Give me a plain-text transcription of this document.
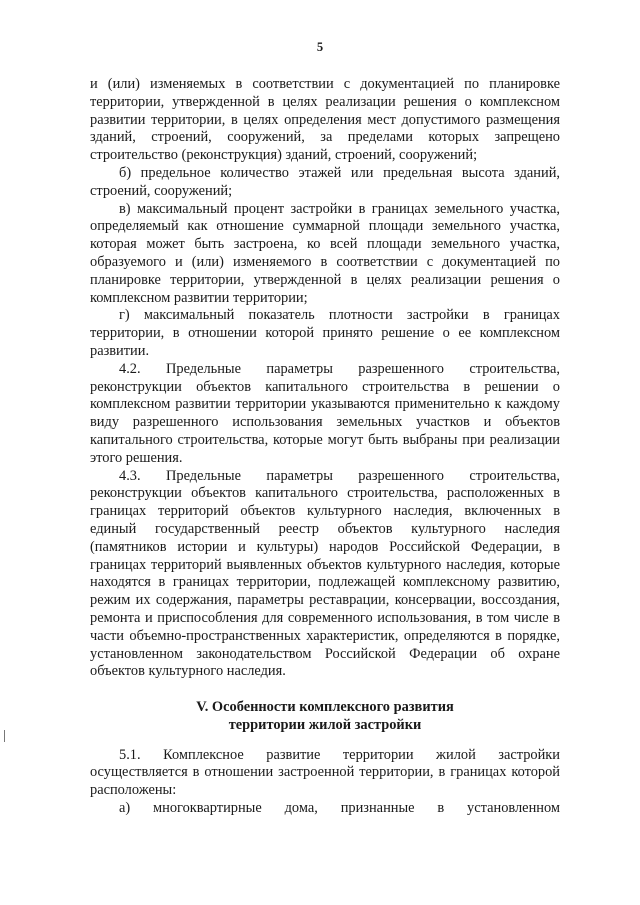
5

и (или) изменяемых в соответствии с документацией по планировке территории, утвержденной в целях реализации решения о комплексном развитии территории, в целях определения мест допустимого размещения зданий, строений, сооружений, за пределами которых запрещено строительство (реконструкция) зданий, строений, сооружений;

б) предельное количество этажей или предельная высота зданий, строений, сооружений;

в) максимальный процент застройки в границах земельного участка, определяемый как отношение суммарной площади земельного участка, которая может быть застроена, ко всей площади земельного участка, образуемого и (или) изменяемого в соответствии с документацией по планировке территории, утвержденной в целях реализации решения о комплексном развитии территории;

г) максимальный показатель плотности застройки в границах территории, в отношении которой принято решение о ее комплексном развитии.

4.2. Предельные параметры разрешенного строительства, реконструкции объектов капитального строительства в решении о комплексном развитии территории указываются применительно к каждому виду разрешенного использования земельных участков и объектов капитального строительства, которые могут быть выбраны при реализации этого решения.

4.3. Предельные параметры разрешенного строительства, реконструкции объектов капитального строительства, расположенных в границах территорий объектов культурного наследия, включенных в единый государственный реестр объектов культурного наследия (памятников истории и культуры) народов Российской Федерации, в границах территорий выявленных объектов культурного наследия, которые находятся в границах территории, подлежащей комплексному развитию, режим их содержания, параметры реставрации, консервации, воссоздания, ремонта и приспособления для современного использования, в том числе в части объемно-пространственных характеристик, определяются в порядке, установленном законодательством Российской Федерации об охране объектов культурного наследия.

V. Особенности комплексного развития
территории жилой застройки

5.1. Комплексное развитие территории жилой застройки осуществляется в отношении застроенной территории, в границах которой расположены:

а) многоквартирные дома, признанные в установленном
